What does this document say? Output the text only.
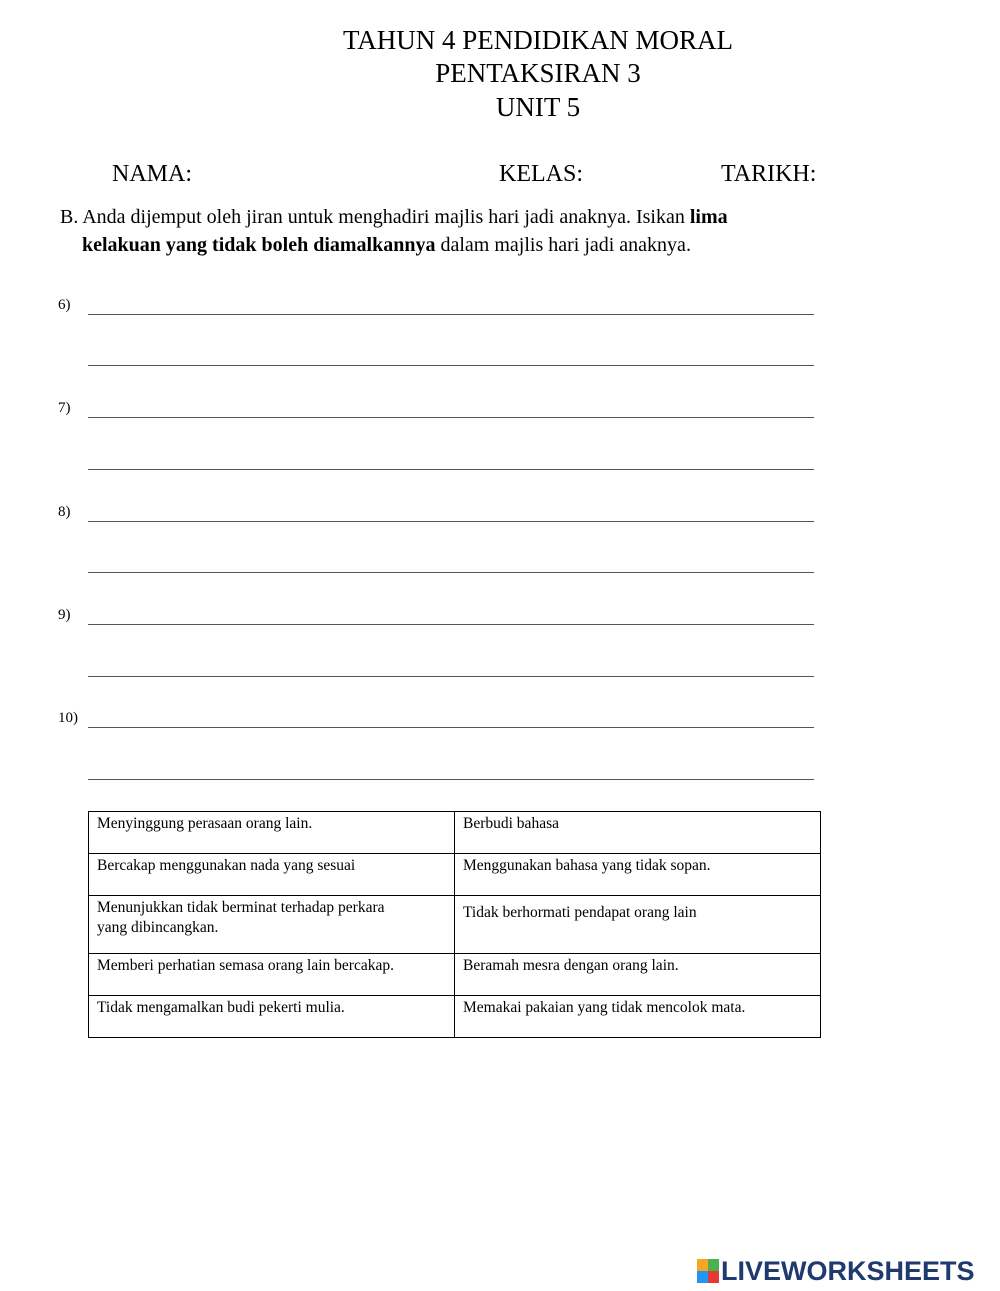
TAHUN 4 PENDIDIKAN MORAL
PENTAKSIRAN 3
UNIT 5
NAMA:	KELAS:	TARIKH:
B. Anda dijemput oleh jiran untuk menghadiri majlis hari jadi anaknya. Isikan lima
kelakuan yang tidak boleh diamalkannya dalam majlis hari jadi anaknya.
6)
7)
8)
9)
10)
Menyinggung perasaan orang lain.	Berbudi bahasa
Bercakap menggunakan nada yang sesuai	Menggunakan bahasa yang tidak sopan.
Menunjukkan tidak berminat terhadap perkara yang dibincangkan.	Tidak berhormati pendapat orang lain
Memberi perhatian semasa orang lain bercakap.	Beramah mesra dengan orang lain.
Tidak mengamalkan budi pekerti mulia.	Memakai pakaian yang tidak mencolok mata.
LIVEWORKSHEETS
